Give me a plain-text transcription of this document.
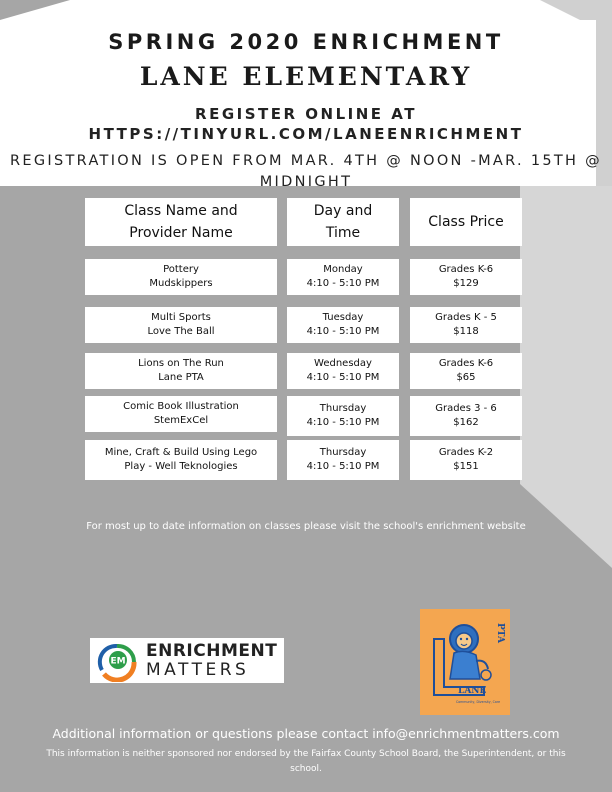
SPRING 2020 ENRICHMENT
LANE ELEMENTARY
REGISTER ONLINE AT
HTTPS://TINYURL.COM/LANEENRICHMENT
REGISTRATION IS OPEN FROM MAR. 4TH @ NOON -MAR. 15TH @ MIDNIGHT
Class Name and
Provider Name
Day and
Time
Class Price
Pottery
Mudskippers
Monday
4:10 - 5:10 PM
Grades K-6
$129
Multi Sports
Love The Ball
Tuesday
4:10 - 5:10 PM
Grades K - 5
$118
Lions on The Run
Lane PTA
Wednesday
4:10 - 5:10 PM
Grades K-6
$65
Comic Book Illustration
StemExCel
Thursday
4:10 - 5:10 PM
Grades 3 - 6
$162
Mine, Craft & Build Using Lego
Play - Well Teknologies
Thursday
4:10 - 5:10 PM
Grades K-2
$151
For most up to date information on classes please visit the school's enrichment website
EM
ENRICHMENT
MATTERS
PTA
LANE
Community, Diversity, Care
Additional information or questions please contact info@enrichmentmatters.com
This information is neither sponsored nor endorsed by the Fairfax County School Board, the Superintendent, or this school.
